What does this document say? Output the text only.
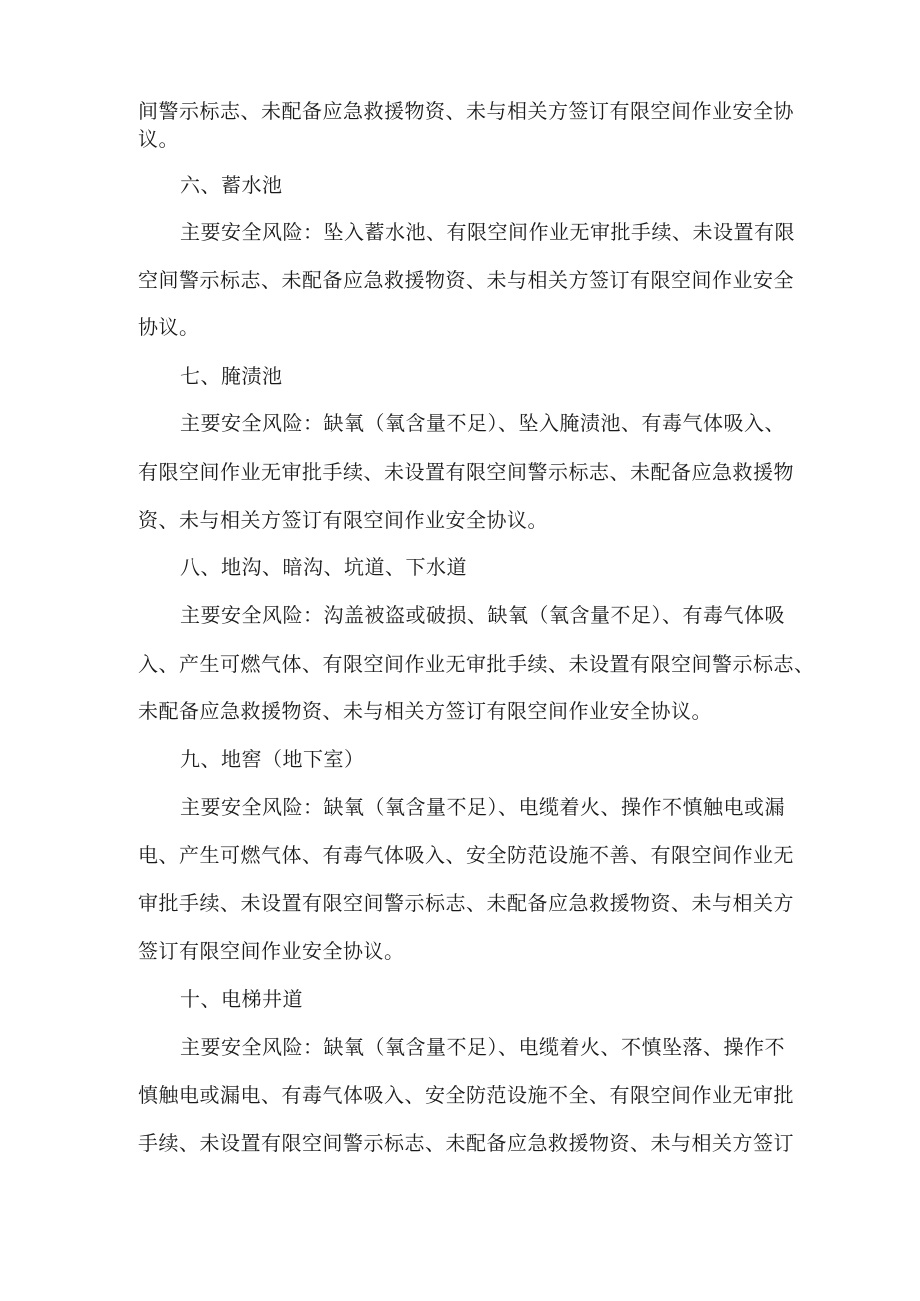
间警示标志、未配备应急救援物资、未与相关方签订有限空间作业安全协
议。
六、蓄水池
主要安全风险：坠入蓄水池、有限空间作业无审批手续、未设置有限
空间警示标志、未配备应急救援物资、未与相关方签订有限空间作业安全
协议。
七、腌渍池
主要安全风险：缺氧（氧含量不足）、坠入腌渍池、有毒气体吸入、
有限空间作业无审批手续、未设置有限空间警示标志、未配备应急救援物
资、未与相关方签订有限空间作业安全协议。
八、地沟、暗沟、坑道、下水道
主要安全风险：沟盖被盗或破损、缺氧（氧含量不足）、有毒气体吸
入、产生可燃气体、有限空间作业无审批手续、未设置有限空间警示标志、
未配备应急救援物资、未与相关方签订有限空间作业安全协议。
九、地窖（地下室）
主要安全风险：缺氧（氧含量不足）、电缆着火、操作不慎触电或漏
电、产生可燃气体、有毒气体吸入、安全防范设施不善、有限空间作业无
审批手续、未设置有限空间警示标志、未配备应急救援物资、未与相关方
签订有限空间作业安全协议。
十、电梯井道
主要安全风险：缺氧（氧含量不足）、电缆着火、不慎坠落、操作不
慎触电或漏电、有毒气体吸入、安全防范设施不全、有限空间作业无审批
手续、未设置有限空间警示标志、未配备应急救援物资、未与相关方签订
